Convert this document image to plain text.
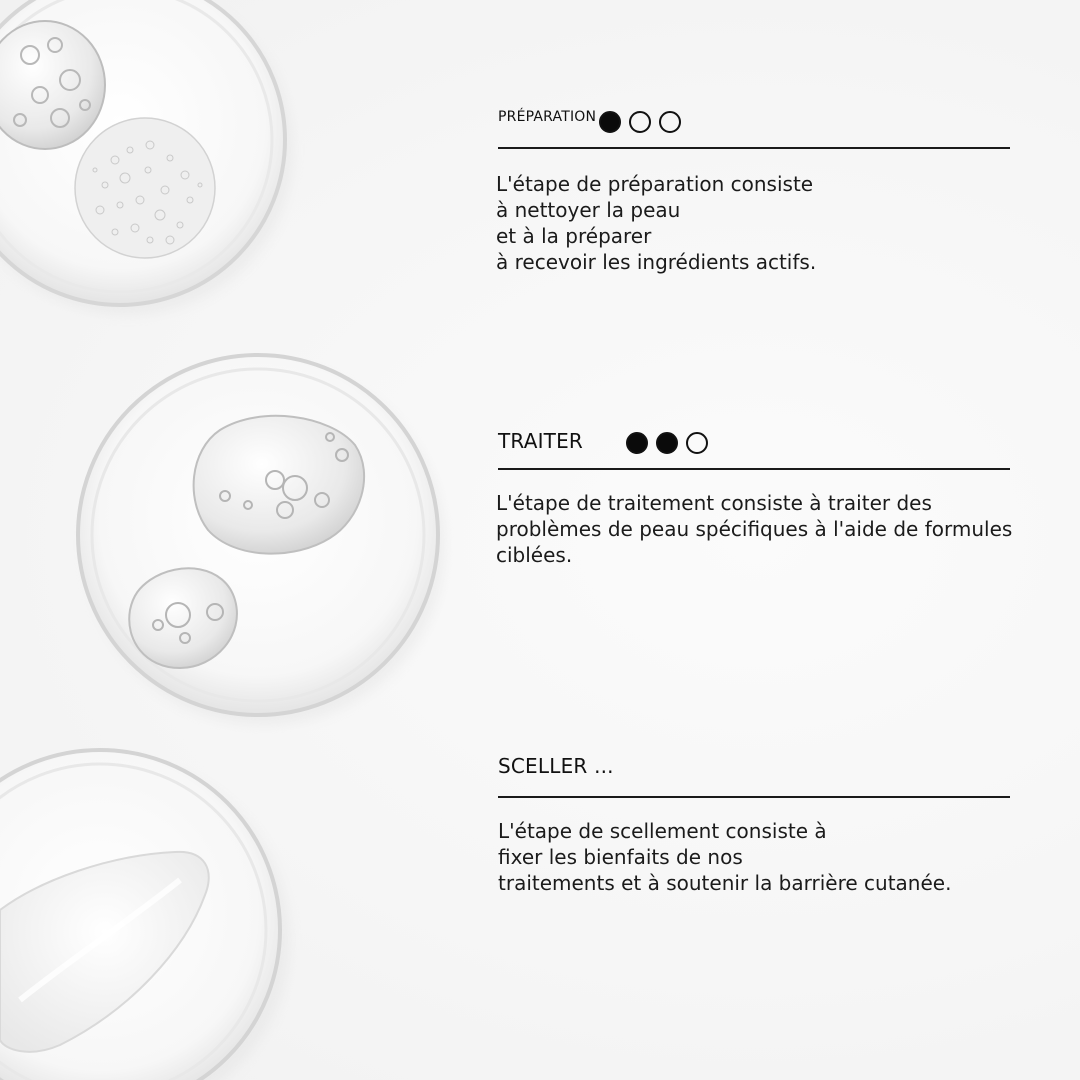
PRÉPARATION
L'étape de préparation consiste
à nettoyer la peau
et à la préparer
à recevoir les ingrédients actifs.
TRAITER
L'étape de traitement consiste à traiter des
problèmes de peau spécifiques à l'aide de formules
ciblées.
SCELLER ...
L'étape de scellement consiste à
fixer les bienfaits de nos
traitements et à soutenir la barrière cutanée.
